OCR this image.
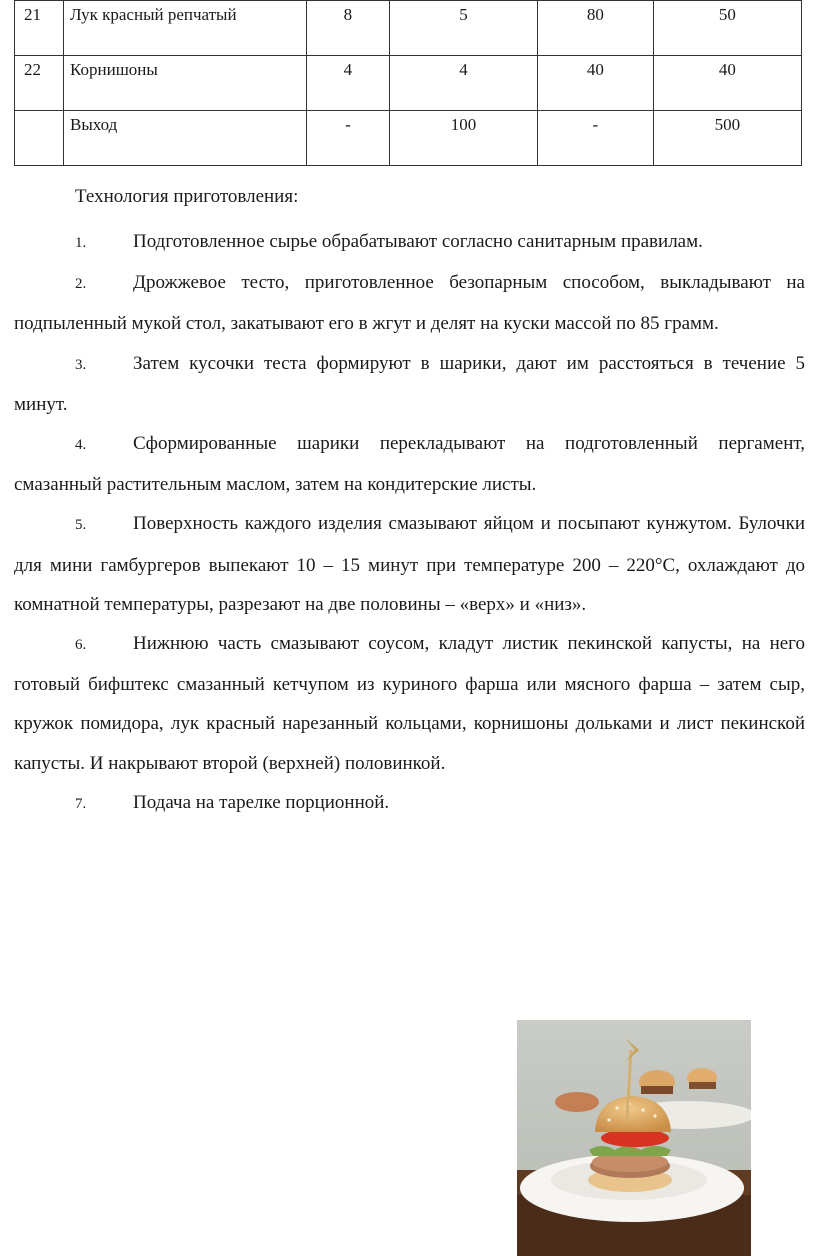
21	Лук красный репчатый	8	5	80	50
22	Корнишоны	4	4	40	40
	Выход	-	100	-	500

Технология приготовления:

1. Подготовленное сырье обрабатывают согласно санитарным правилам.
2. Дрожжевое тесто, приготовленное безопарным способом, выкладывают на подпыленный мукой стол, закатывают его в жгут и делят на куски массой по 85 грамм.
3. Затем кусочки теста формируют в шарики, дают им расстояться в течение 5 минут.
4. Сформированные шарики перекладывают на подготовленный пергамент, смазанный растительным маслом, затем на кондитерские листы.
5. Поверхность каждого изделия смазывают яйцом и посыпают кунжутом. Булочки для мини гамбургеров выпекают 10 – 15 минут при температуре 200 – 220°С, охлаждают до комнатной температуры, разрезают на две половины – «верх» и «низ».
6. Нижнюю часть смазывают соусом, кладут листик пекинской капусты, на него готовый бифштекс смазанный кетчупом из куриного фарша или мясного фарша – затем сыр, кружок помидора, лук красный нарезанный кольцами, корнишоны дольками и лист пекинской капусты. И накрывают второй (верхней) половинкой.
7. Подача на тарелке порционной.
